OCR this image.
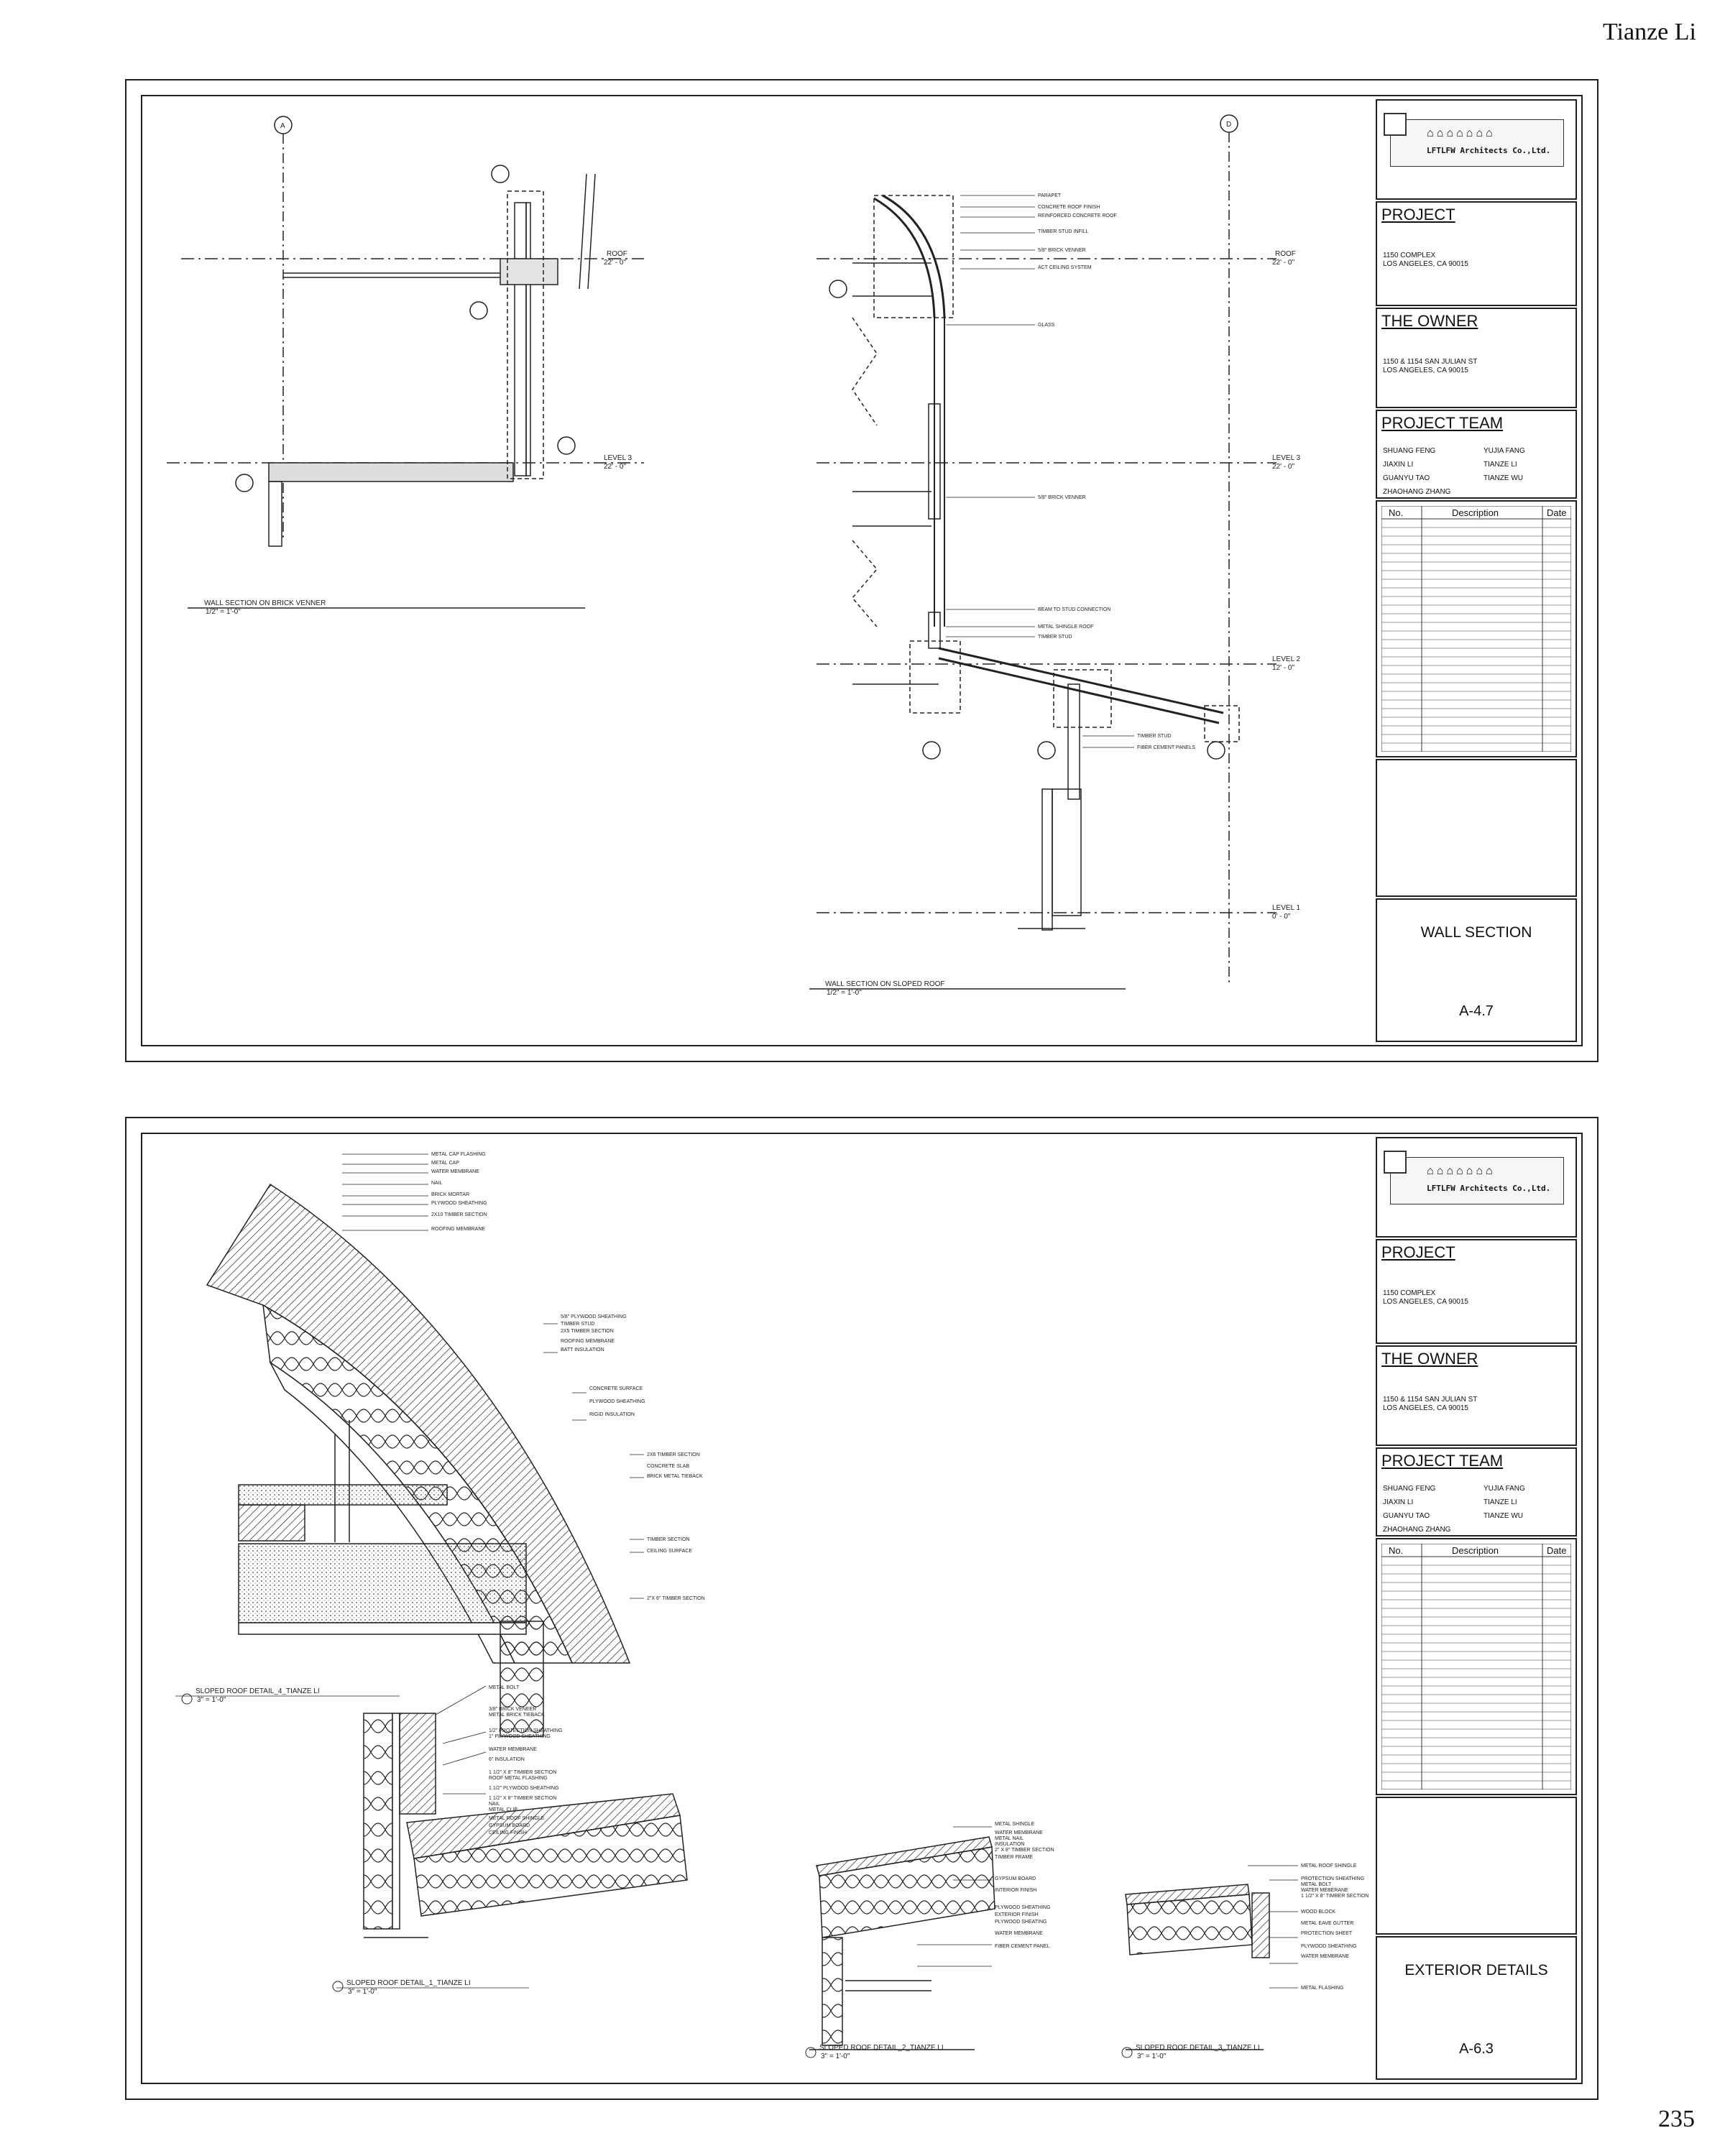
Tianze Li
235
A
ROOF
22' - 0"
LEVEL 3
22' - 0"
WALL SECTION ON BRICK VENNER
1/2" = 1'-0"
PARAPET
CONCRETE ROOF FINISH
REINFORCED CONCRETE ROOF
TIMBER STUD INFILL
5/8" BRICK VENNER
ACT CEILING SYSTEM
GLASS
5/8" BRICK VENNER
BEAM TO STUD CONNECTION
METAL SHINGLE ROOF
TIMBER STUD
TIMBER STUD
FIBER CEMENT PANELS
D
ROOF
22' - 0"
LEVEL 3
22' - 0"
LEVEL 2
12' - 0"
LEVEL 1
0' - 0"
WALL SECTION ON SLOPED ROOF
1/2" = 1'-0"
⌂⌂⌂⌂⌂⌂⌂
LFTLFW Architects Co.,Ltd.
PROJECT
1150 COMPLEX
LOS ANGELES, CA 90015
THE OWNER
1150 & 1154 SAN JULIAN ST
LOS ANGELES, CA 90015
PROJECT TEAM
SHUANG FENG	YUJIA FANG
JIAXIN LI	TIANZE LI
GUANYU TAO	TIANZE WU
ZHAOHANG ZHANG
No.	Description	Date
WALL SECTION
A-4.7
METAL CAP FLASHING
METAL CAP
WATER MEMBRANE
NAIL
BRICK MORTAR
PLYWOOD SHEATHING
2X10 TIMBER SECTION
ROOFING MEMBRANE
5/8" PLYWOOD SHEATHING
TIMBER STUD
2X5 TIMBER SECTION
ROOFING MEMBRANE
BATT INSULATION
CONCRETE SURFACE
PLYWOOD SHEATHING
RIGID INSULATION
2X6 TIMBER SECTION
CONCRETE SLAB
BRICK METAL TIEBACK
TIMBER SECTION
CEILING SURFACE
2"X 6" TIMBER SECTION
SLOPED ROOF DETAIL_4_TIANZE LI
3" = 1'-0"
METAL BOLT
3/8" BRICK VENEER
METAL BRICK TIEBACK
1/2" PROTECTION SHEATHING
1" PLYWOOD SHEATHING
WATER MEMBRANE
6" INSULATION
1 1/2" X 8" TIMBER SECTION
ROOF METAL FLASHING
1 1/2" PLYWOOD SHEATHING
1 1/2" X 8" TIMBER SECTION
NAIL
METAL CLIP
METAL ROOF SHINGLE
GYPSUM BOARD
CEILING FINISH
SLOPED ROOF DETAIL_1_TIANZE LI
3" = 1'-0"
METAL SHINGLE
WATER MEMBRANE
METAL NAIL
INSULATION
2" X 8" TIMBER SECTION
TIMBER FRAME
GYPSUM BOARD
INTERIOR FINISH
PLYWOOD SHEATHING
EXTERIOR FINISH
PLYWOOD SHEATING
WATER MEMBRANE
FIBER CEMENT PANEL
SLOPED ROOF DETAIL_2_TIANZE LI
3" = 1'-0"
METAL ROOF SHINGLE
PROTECTION SHEATHING
METAL BOLT
WATER MEBERANE
1 1/2" X 8" TIMBER SECTION
WOOD BLOCK
METAL EAVE GUTTER
PROTECTION SHEET
PLYWOOD SHEATHING
WATER MEMBRANE
METAL FLASHING
SLOPED ROOF DETAIL_3_TIANZE LI
3" = 1'-0"
⌂⌂⌂⌂⌂⌂⌂
LFTLFW Architects Co.,Ltd.
PROJECT
1150 COMPLEX
LOS ANGELES, CA 90015
THE OWNER
1150 & 1154 SAN JULIAN ST
LOS ANGELES, CA 90015
PROJECT TEAM
SHUANG FENG	YUJIA FANG
JIAXIN LI	TIANZE LI
GUANYU TAO	TIANZE WU
ZHAOHANG ZHANG
No.	Description	Date
EXTERIOR DETAILS
A-6.3
